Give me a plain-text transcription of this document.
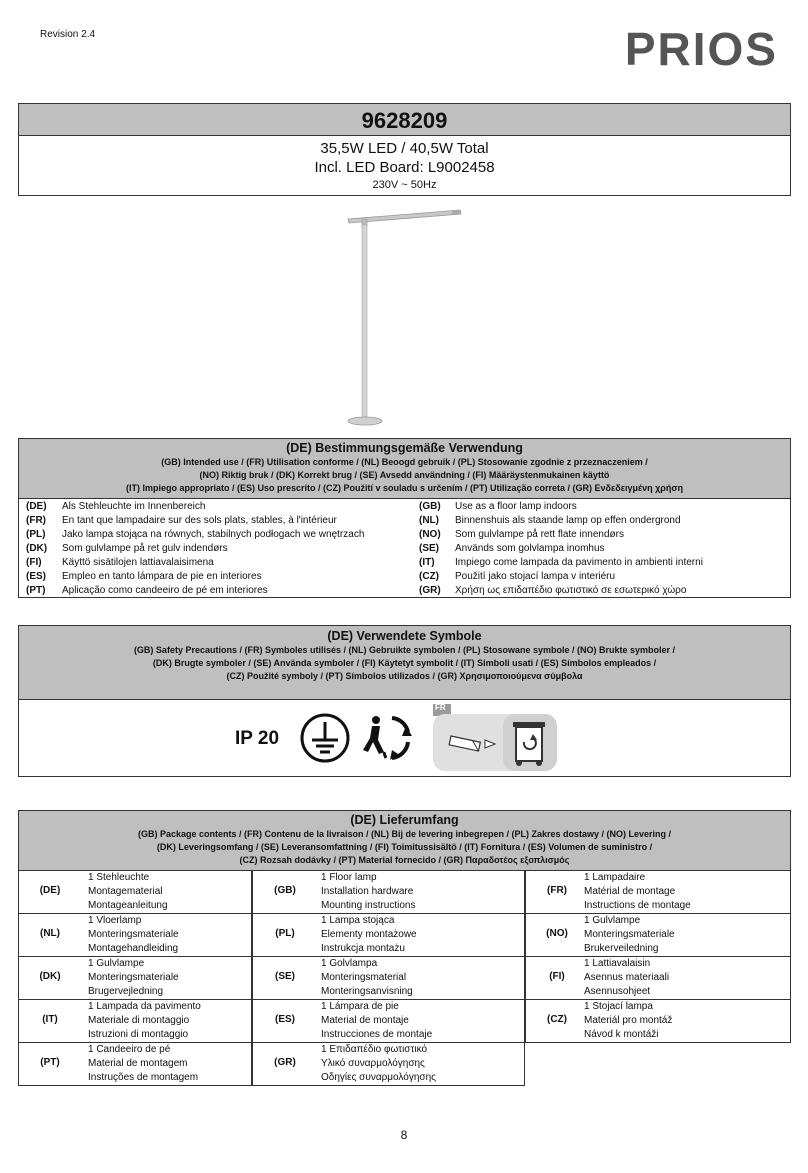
Revision 2.4	PRIOS
9628209
35,5W LED / 40,5W Total
Incl. LED Board: L9002458
230V ~ 50Hz
(DE) Bestimmungsgemäße Verwendung
(GB) Intended use / (FR) Utilisation conforme / (NL) Beoogd gebruik / (PL) Stosowanie zgodnie z przeznaczeniem /
(NO) Riktig bruk / (DK) Korrekt brug / (SE) Avsedd användning / (FI) Määräystenmukainen käyttö
(IT) Impiego appropriato / (ES) Uso prescrito / (CZ) Použití v souladu s určením / (PT) Utilização correta / (GR) Ενδεδειγμένη χρήση
(DE) Als Stehleuchte im Innenbereich
(FR) En tant que lampadaire sur des sols plats, stables, à l'intérieur
(PL) Jako lampa stojąca na równych, stabilnych podłogach we wnętrzach
(DK) Som gulvlampe på ret gulv indendørs
(FI) Käyttö sisätilojen lattiavalaisimena
(ES) Empleo en tanto lámpara de pie en interiores
(PT) Aplicação como candeeiro de pé em interiores
(GB) Use as a floor lamp indoors
(NL) Binnenshuis als staande lamp op effen ondergrond
(NO) Som gulvlampe på rett flate innendørs
(SE) Används som golvlampa inomhus
(IT) Impiego come lampada da pavimento in ambienti interni
(CZ) Použití jako stojací lampa v interiéru
(GR) Χρήση ως επιδαπέδιο φωτιστικό σε εσωτερικό χώρο
(DE) Verwendete Symbole
(GB) Safety Precautions / (FR) Symboles utilisés / (NL) Gebruikte symbolen / (PL) Stosowane symbole / (NO) Brukte symboler /
(DK) Brugte symboler / (SE) Använda symboler / (FI) Käytetyt symbolit / (IT) Simboli usati / (ES) Símbolos empleados /
(CZ) Použité symboly / (PT) Símbolos utilizados / (GR) Χρησιμοποιούμενα σύμβολα
IP 20
FR
(DE) Lieferumfang
(GB) Package contents / (FR) Contenu de la livraison / (NL) Bij de levering inbegrepen / (PL) Zakres dostawy / (NO) Levering /
(DK) Leveringsomfang / (SE) Leveransomfattning / (FI) Toimitussisältö / (IT) Fornitura / (ES) Volumen de suministro /
(CZ) Rozsah dodávky / (PT) Material fornecido / (GR) Παραδοτέος εξοπλισμός
(DE)
1 Stehleuchte
Montagematerial
Montageanleitung
(GB)
1 Floor lamp
Installation hardware
Mounting instructions
(FR)
1 Lampadaire
Matérial de montage
Instructions de montage
(NL)
1 Vloerlamp
Monteringsmateriale
Montagehandleiding
(PL)
1 Lampa stojąca
Elementy montażowe
Instrukcja montażu
(NO)
1 Gulvlampe
Monteringsmateriale
Brukerveiledning
(DK)
1 Gulvlampe
Monteringsmateriale
Brugervejledning
(SE)
1 Golvlampa
Monteringsmaterial
Monteringsanvisning
(FI)
1 Lattiavalaisin
Asennus materiaali
Asennusohjeet
(IT)
1 Lampada da pavimento
Materiale di montaggio
Istruzioni di montaggio
(ES)
1 Lámpara de pie
Material de montaje
Instrucciones de montaje
(CZ)
1 Stojací lampa
Materiál pro montáž
Návod k montáži
(PT)
1 Candeeiro de pé
Material de montagem
Instruções de montagem
(GR)
1 Επιδαπέδιο φωτιστικό
Υλικό συναρμολόγησης
Οδηγίες συναρμολόγησης
8
